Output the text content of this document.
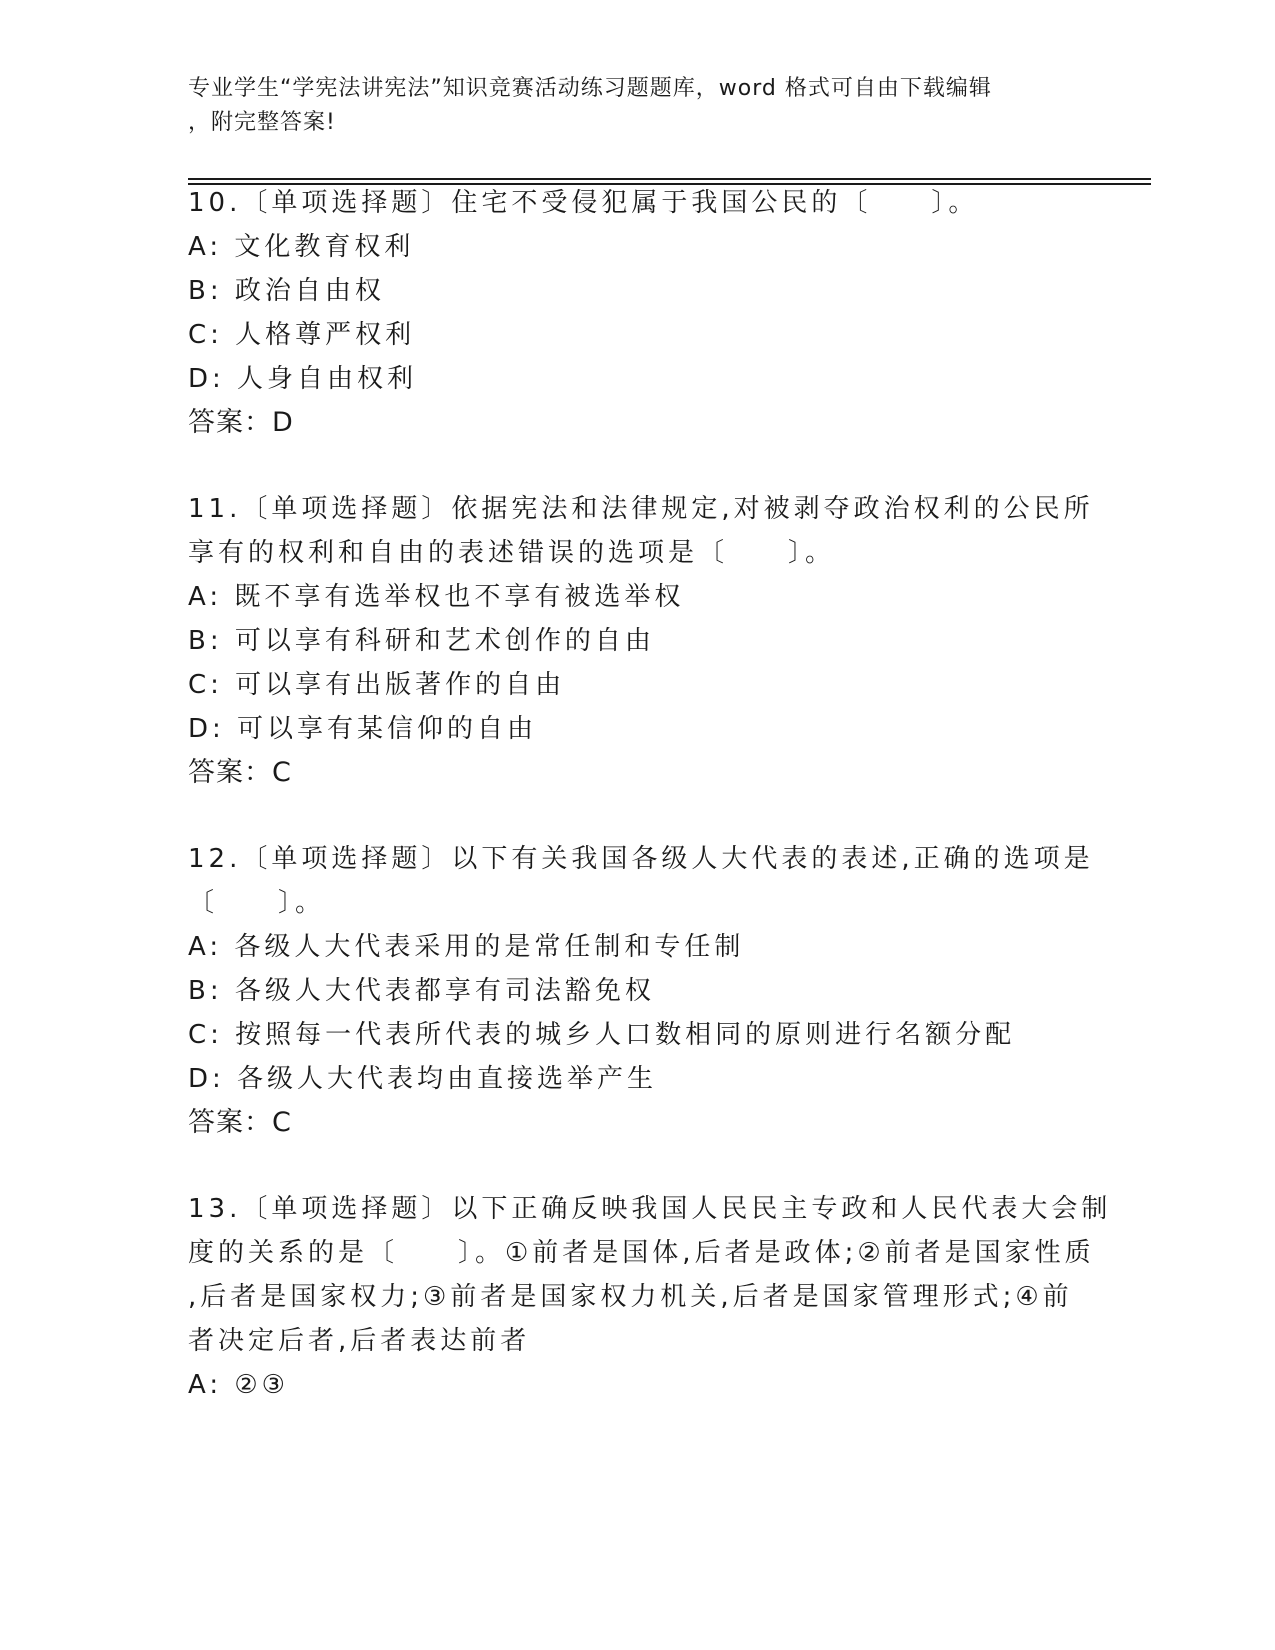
专业学生“学宪法讲宪法”知识竞赛活动练习题题库，word 格式可自由下载编辑
，附完整答案!
10.〔单项选择题〕住宅不受侵犯属于我国公民的〔　　〕。
A: 文化教育权利
B: 政治自由权
C: 人格尊严权利
D: 人身自由权利
答案：D
11.〔单项选择题〕依据宪法和法律规定,对被剥夺政治权利的公民所
享有的权利和自由的表述错误的选项是〔　　〕。
A: 既不享有选举权也不享有被选举权
B: 可以享有科研和艺术创作的自由
C: 可以享有出版著作的自由
D: 可以享有某信仰的自由
答案：C
12.〔单项选择题〕以下有关我国各级人大代表的表述,正确的选项是
〔　　〕。
A: 各级人大代表采用的是常任制和专任制
B: 各级人大代表都享有司法豁免权
C: 按照每一代表所代表的城乡人口数相同的原则进行名额分配
D: 各级人大代表均由直接选举产生
答案：C
13.〔单项选择题〕以下正确反映我国人民民主专政和人民代表大会制
度的关系的是〔　　〕。①前者是国体,后者是政体;②前者是国家性质
,后者是国家权力;③前者是国家权力机关,后者是国家管理形式;④前
者决定后者,后者表达前者
A: ②③
